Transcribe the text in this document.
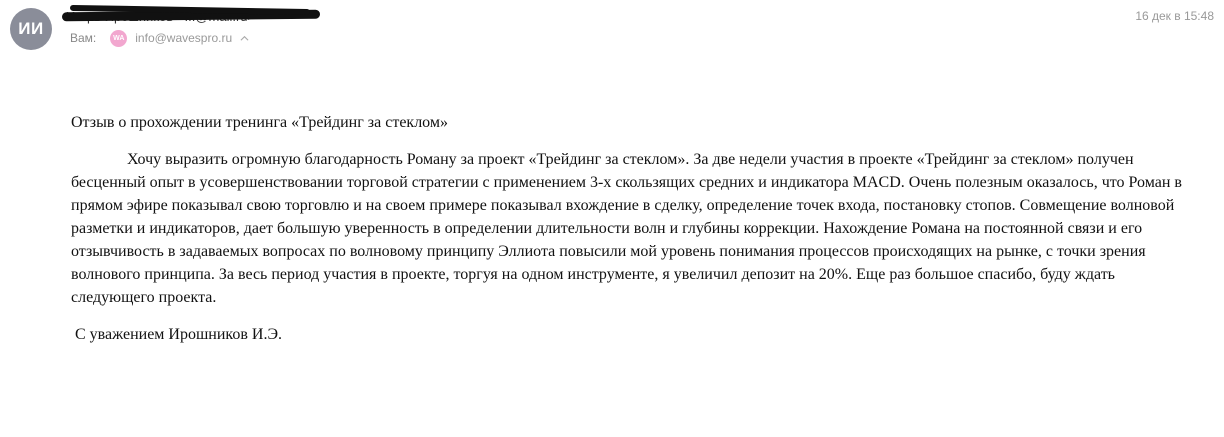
ИИ
16 дек в 15:48
Вам:	WA info@wavespro.ru

Отзыв о прохождении тренинга «Трейдинг за стеклом»

Хочу выразить огромную благодарность Роману за проект «Трейдинг за стеклом». За две недели участия в проекте «Трейдинг за стеклом» получен бесценный опыт в усовершенствовании торговой стратегии с применением 3-х скользящих средних и индикатора MACD. Очень полезным оказалось, что Роман в прямом эфире показывал свою торговлю и на своем примере показывал вхождение в сделку, определение точек входа, постановку стопов. Совмещение волновой разметки и индикаторов, дает большую уверенность в определении длительности волн и глубины коррекции. Нахождение Романа на постоянной связи и его отзывчивость в задаваемых вопросах по волновому принципу Эллиота повысили мой уровень понимания процессов происходящих на рынке, с точки зрения волнового принципа. За весь период участия в проекте, торгуя на одном инструменте, я увеличил депозит на 20%. Еще раз большое спасибо, буду ждать следующего проекта.

С уважением Ирошников И.Э.
